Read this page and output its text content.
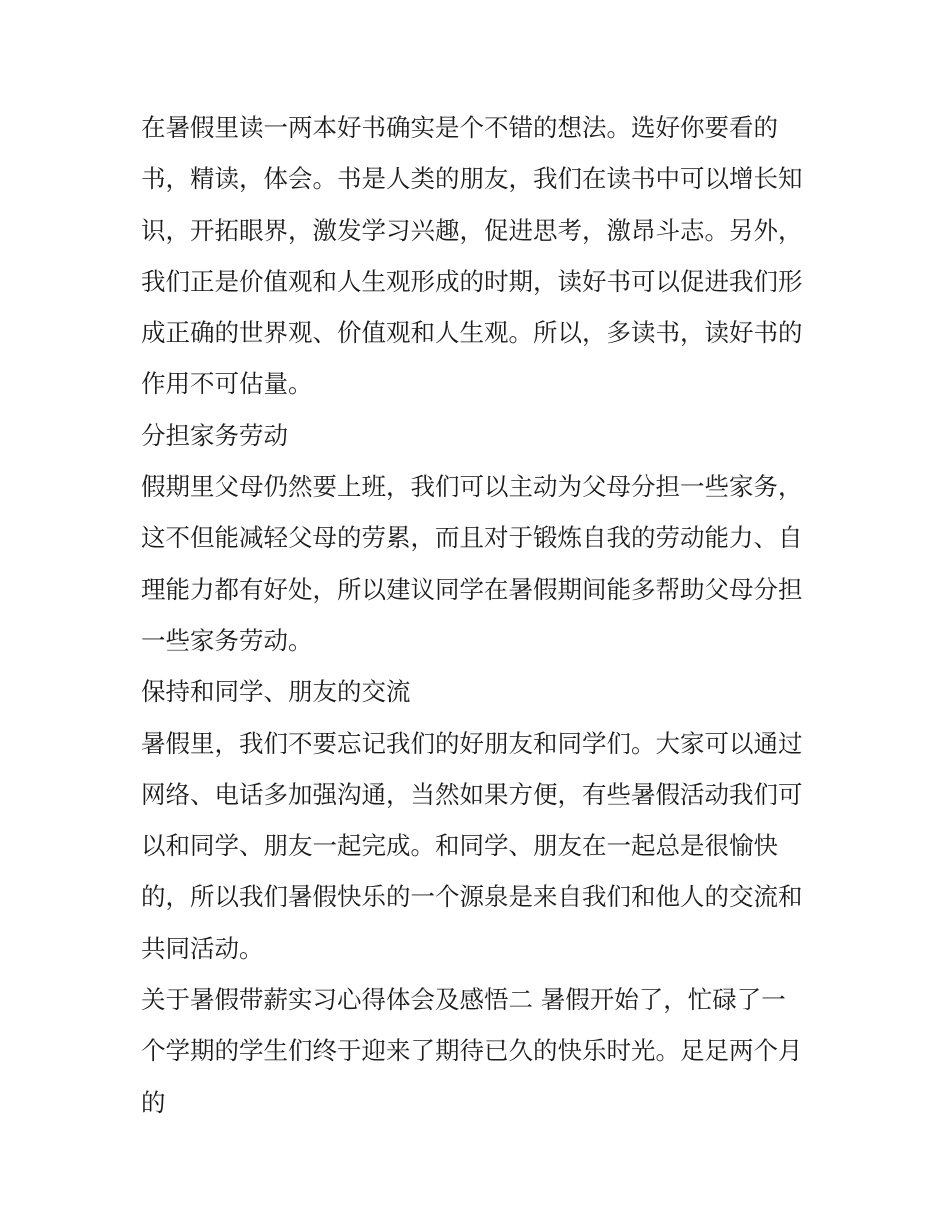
在暑假里读一两本好书确实是个不错的想法。选好你要看的
书，精读，体会。书是人类的朋友，我们在读书中可以增长知
识，开拓眼界，激发学习兴趣，促进思考，激昂斗志。另外，
我们正是价值观和人生观形成的时期，读好书可以促进我们形
成正确的世界观、价值观和人生观。所以，多读书，读好书的
作用不可估量。
分担家务劳动
假期里父母仍然要上班，我们可以主动为父母分担一些家务，
这不但能减轻父母的劳累，而且对于锻炼自我的劳动能力、自
理能力都有好处，所以建议同学在暑假期间能多帮助父母分担
一些家务劳动。
保持和同学、朋友的交流
暑假里，我们不要忘记我们的好朋友和同学们。大家可以通过
网络、电话多加强沟通，当然如果方便，有些暑假活动我们可
以和同学、朋友一起完成。和同学、朋友在一起总是很愉快
的，所以我们暑假快乐的一个源泉是来自我们和他人的交流和
共同活动。
关于暑假带薪实习心得体会及感悟二 暑假开始了，忙碌了一
个学期的学生们终于迎来了期待已久的快乐时光。足足两个月
的
